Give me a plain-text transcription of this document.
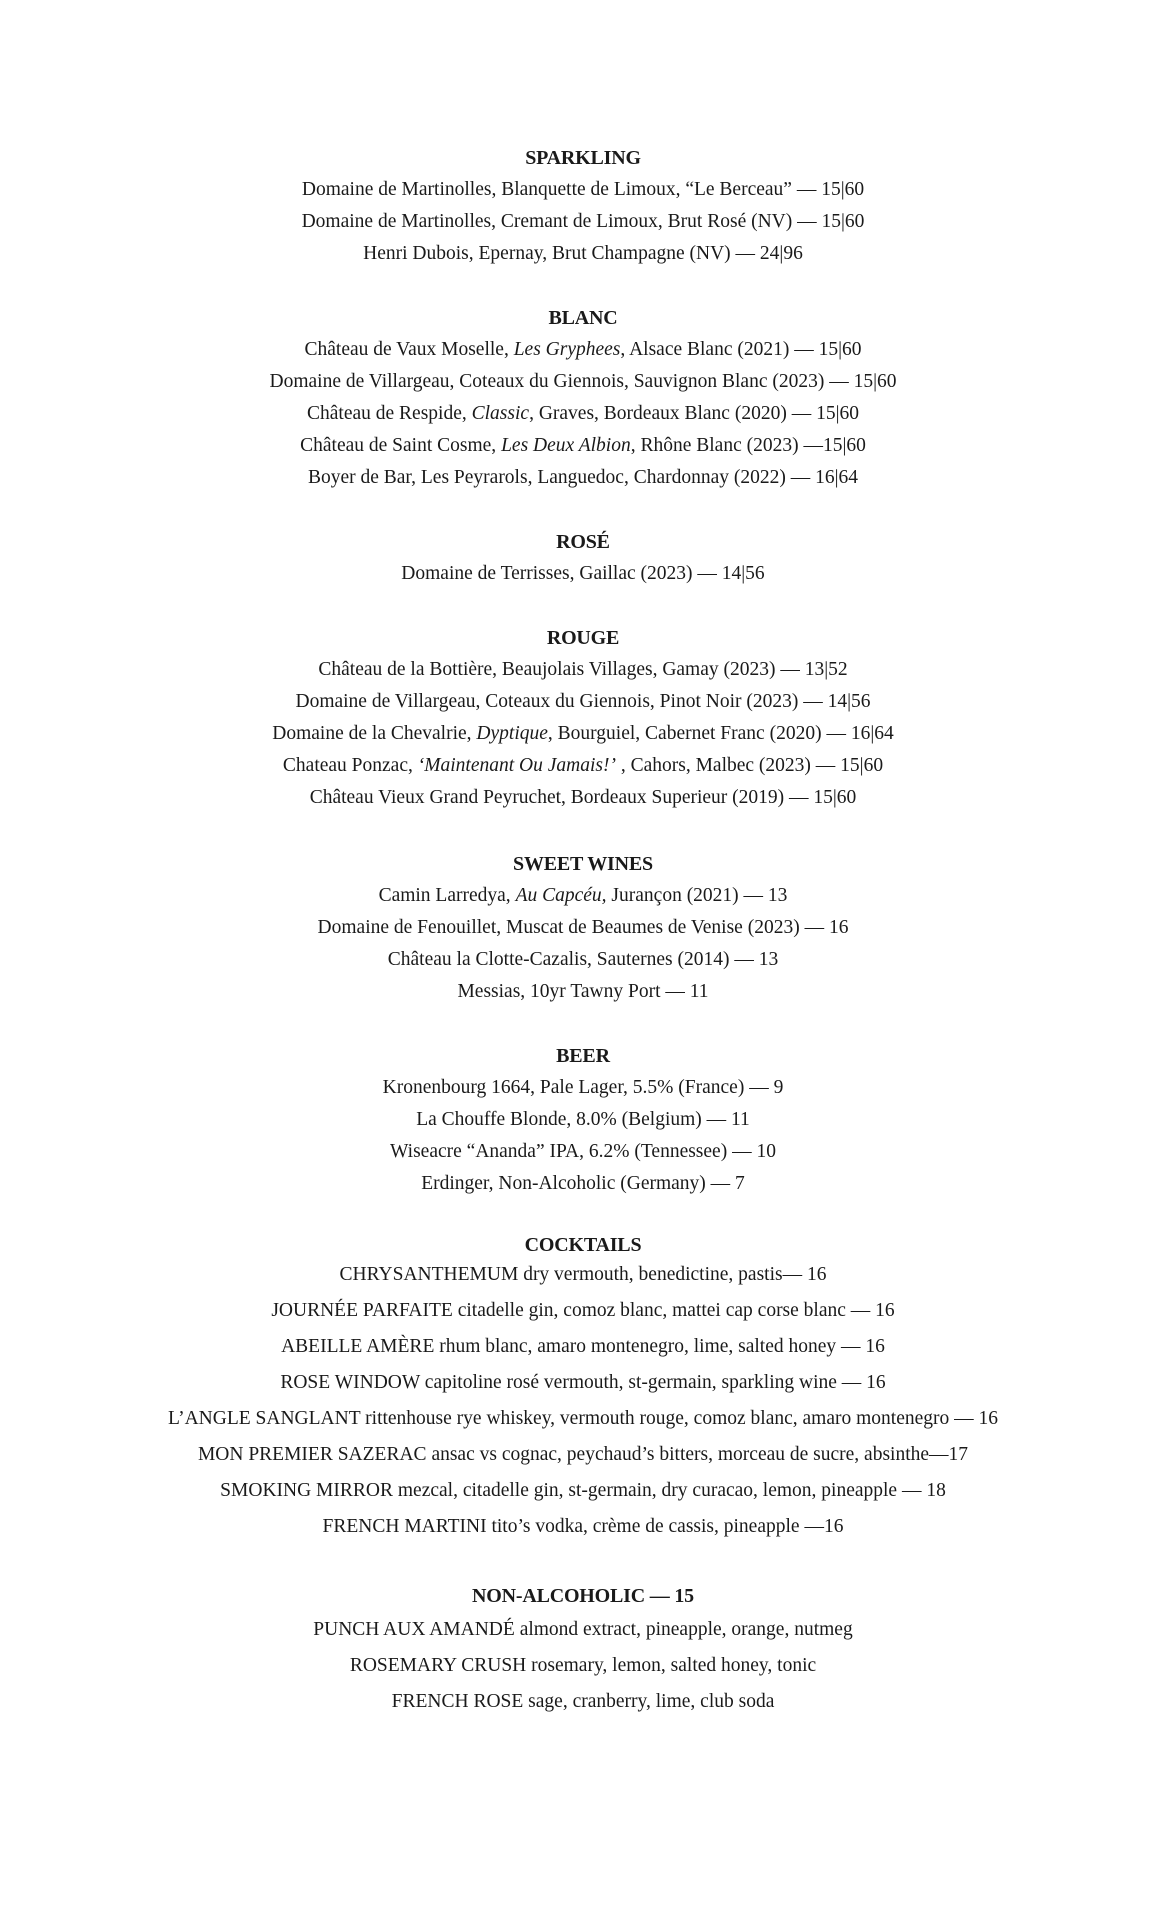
SPARKLING
Domaine de Martinolles, Blanquette de Limoux, “Le Berceau” — 15|60
Domaine de Martinolles, Cremant de Limoux, Brut Rosé (NV) — 15|60
Henri Dubois, Epernay, Brut Champagne (NV) — 24|96
BLANC
Château de Vaux Moselle, Les Gryphees, Alsace Blanc (2021) — 15|60
Domaine de Villargeau, Coteaux du Giennois, Sauvignon Blanc (2023) — 15|60
Château de Respide, Classic, Graves, Bordeaux Blanc (2020) — 15|60
Château de Saint Cosme, Les Deux Albion, Rhône Blanc (2023) —15|60
Boyer de Bar, Les Peyrarols, Languedoc, Chardonnay (2022) — 16|64
ROSÉ
Domaine de Terrisses, Gaillac (2023) — 14|56
ROUGE
Château de la Bottière, Beaujolais Villages, Gamay (2023) — 13|52
Domaine de Villargeau, Coteaux du Giennois, Pinot Noir (2023) — 14|56
Domaine de la Chevalrie, Dyptique, Bourguiel, Cabernet Franc (2020) — 16|64
Chateau Ponzac, ‘Maintenant Ou Jamais!’ , Cahors, Malbec (2023) — 15|60
Château Vieux Grand Peyruchet, Bordeaux Superieur (2019) — 15|60
SWEET WINES
Camin Larredya, Au Capcéu, Jurançon (2021) — 13
Domaine de Fenouillet, Muscat de Beaumes de Venise (2023) — 16
Château la Clotte-Cazalis, Sauternes (2014) — 13
Messias, 10yr Tawny Port — 11
BEER
Kronenbourg 1664, Pale Lager, 5.5% (France) — 9
La Chouffe Blonde, 8.0% (Belgium) — 11
Wiseacre “Ananda” IPA, 6.2% (Tennessee) — 10
Erdinger, Non-Alcoholic (Germany) — 7
COCKTAILS
CHRYSANTHEMUM dry vermouth, benedictine, pastis— 16
JOURNÉE PARFAITE citadelle gin, comoz blanc, mattei cap corse blanc — 16
ABEILLE AMÈRE rhum blanc, amaro montenegro, lime, salted honey — 16
ROSE WINDOW capitoline rosé vermouth, st-germain, sparkling wine — 16
L’ANGLE SANGLANT rittenhouse rye whiskey, vermouth rouge, comoz blanc, amaro montenegro — 16
MON PREMIER SAZERAC ansac vs cognac, peychaud’s bitters, morceau de sucre, absinthe—17
SMOKING MIRROR mezcal, citadelle gin, st-germain, dry curacao, lemon, pineapple — 18
FRENCH MARTINI tito’s vodka, crème de cassis, pineapple —16
NON-ALCOHOLIC — 15
PUNCH AUX AMANDÉ almond extract, pineapple, orange, nutmeg
ROSEMARY CRUSH rosemary, lemon, salted honey, tonic
FRENCH ROSE sage, cranberry, lime, club soda
